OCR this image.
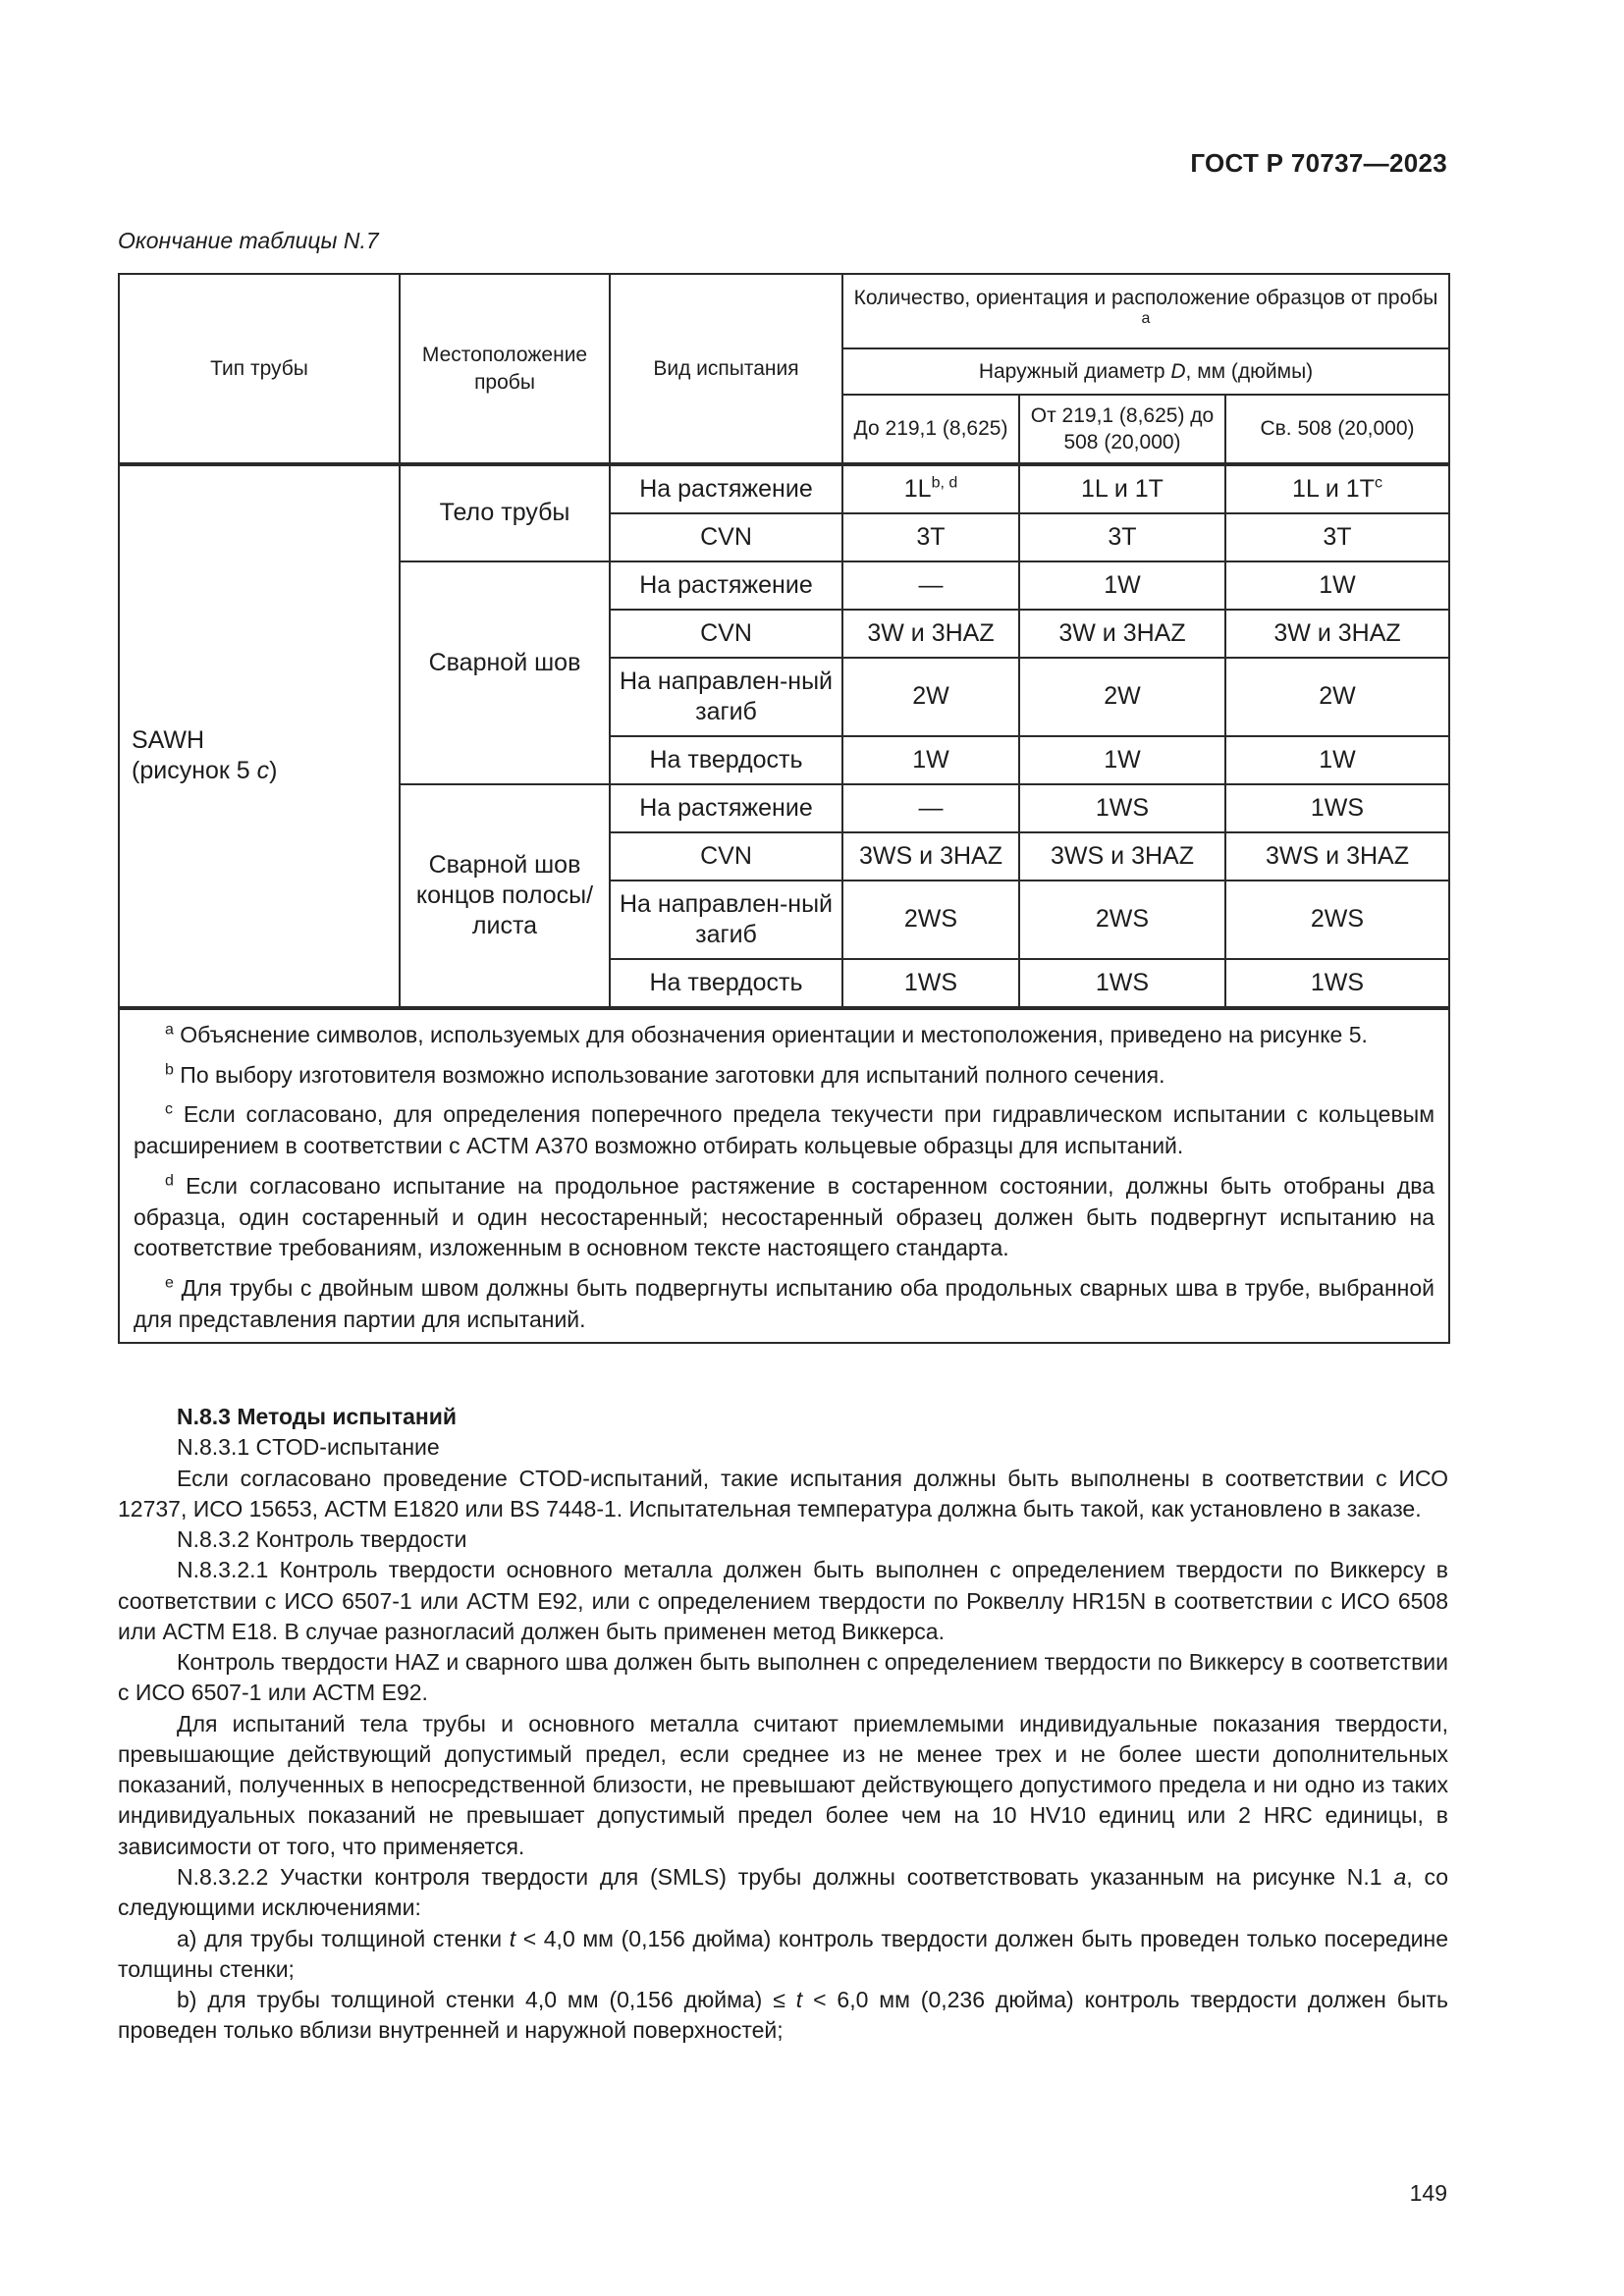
ГОСТ Р 70737—2023
Окончание таблицы N.7
Тип трубы	Местоположение пробы	Вид испытания	Количество, ориентация и расположение образцов от пробы $^a$
			Наружный диаметр D, мм (дюймы)		
			До 219,1 (8,625)	От 219,1 (8,625) до 508 (20,000)	Св. 508 (20,000)
SAWH
(рисунок 5 c)	Тело трубы	На растяжение	$1L^{b, d}$	1L и 1T	1L и $1T^c$
		CVN	3T	3T	3T
	Сварной шов	На растяжение	—	1W	1W
		CVN	3W и 3HAZ	3W и 3HAZ	3W и 3HAZ
		На направлен-ный загиб	2W	2W	2W
		На твердость	1W	1W	1W
	Сварной шов концов полосы/листа	На растяжение	—	1WS	1WS
		CVN	3WS и 3HAZ	3WS и 3HAZ	3WS и 3HAZ
		На направлен-ный загиб	2WS	2WS	2WS
		На твердость	1WS	1WS	1WS

$^a$ Объяснение символов, используемых для обозначения ориентации и местоположения, приведено на рисунке 5.

$^b$ По выбору изготовителя возможно использование заготовки для испытаний полного сечения.

$^c$ Если согласовано, для определения поперечного предела текучести при гидравлическом испытании с кольцевым расширением в соответствии с АСТМ А370 возможно отбирать кольцевые образцы для испытаний.

$^d$ Если согласовано испытание на продольное растяжение в состаренном состоянии, должны быть отобраны два образца, один состаренный и один несостаренный; несостаренный образец должен быть подвергнут испытанию на соответствие требованиям, изложенным в основном тексте настоящего стандарта.

$^e$ Для трубы с двойным швом должны быть подвергнуты испытанию оба продольных сварных шва в трубе, выбранной для представления партии для испытаний.					

N.8.3 Методы испытаний

N.8.3.1 CTOD-испытание

Если согласовано проведение CTOD-испытаний, такие испытания должны быть выполнены в соответствии с ИСО 12737, ИСО 15653, АСТМ Е1820 или BS 7448-1. Испытательная температура должна быть такой, как установлено в заказе.

N.8.3.2 Контроль твердости

N.8.3.2.1 Контроль твердости основного металла должен быть выполнен с определением твердости по Виккерсу в соответствии с ИСО 6507-1 или АСТМ Е92, или с определением твердости по Роквеллу HR15N в соответствии с ИСО 6508 или АСТМ Е18. В случае разногласий должен быть применен метод Виккерса.

Контроль твердости HAZ и сварного шва должен быть выполнен с определением твердости по Виккерсу в соответствии с ИСО 6507-1 или АСТМ Е92.

Для испытаний тела трубы и основного металла считают приемлемыми индивидуальные показания твердости, превышающие действующий допустимый предел, если среднее из не менее трех и не более шести дополнительных показаний, полученных в непосредственной близости, не превышают действующего допустимого предела и ни одно из таких индивидуальных показаний не превышает допустимый предел более чем на 10 HV10 единиц или 2 HRC единицы, в зависимости от того, что применяется.

N.8.3.2.2 Участки контроля твердости для (SMLS) трубы должны соответствовать указанным на рисунке N.1 а, со следующими исключениями:

a) для трубы толщиной стенки t < 4,0 мм (0,156 дюйма) контроль твердости должен быть проведен только посередине толщины стенки;

b) для трубы толщиной стенки 4,0 мм (0,156 дюйма) ≤ t < 6,0 мм (0,236 дюйма) контроль твердости должен быть проведен только вблизи внутренней и наружной поверхностей;

149
